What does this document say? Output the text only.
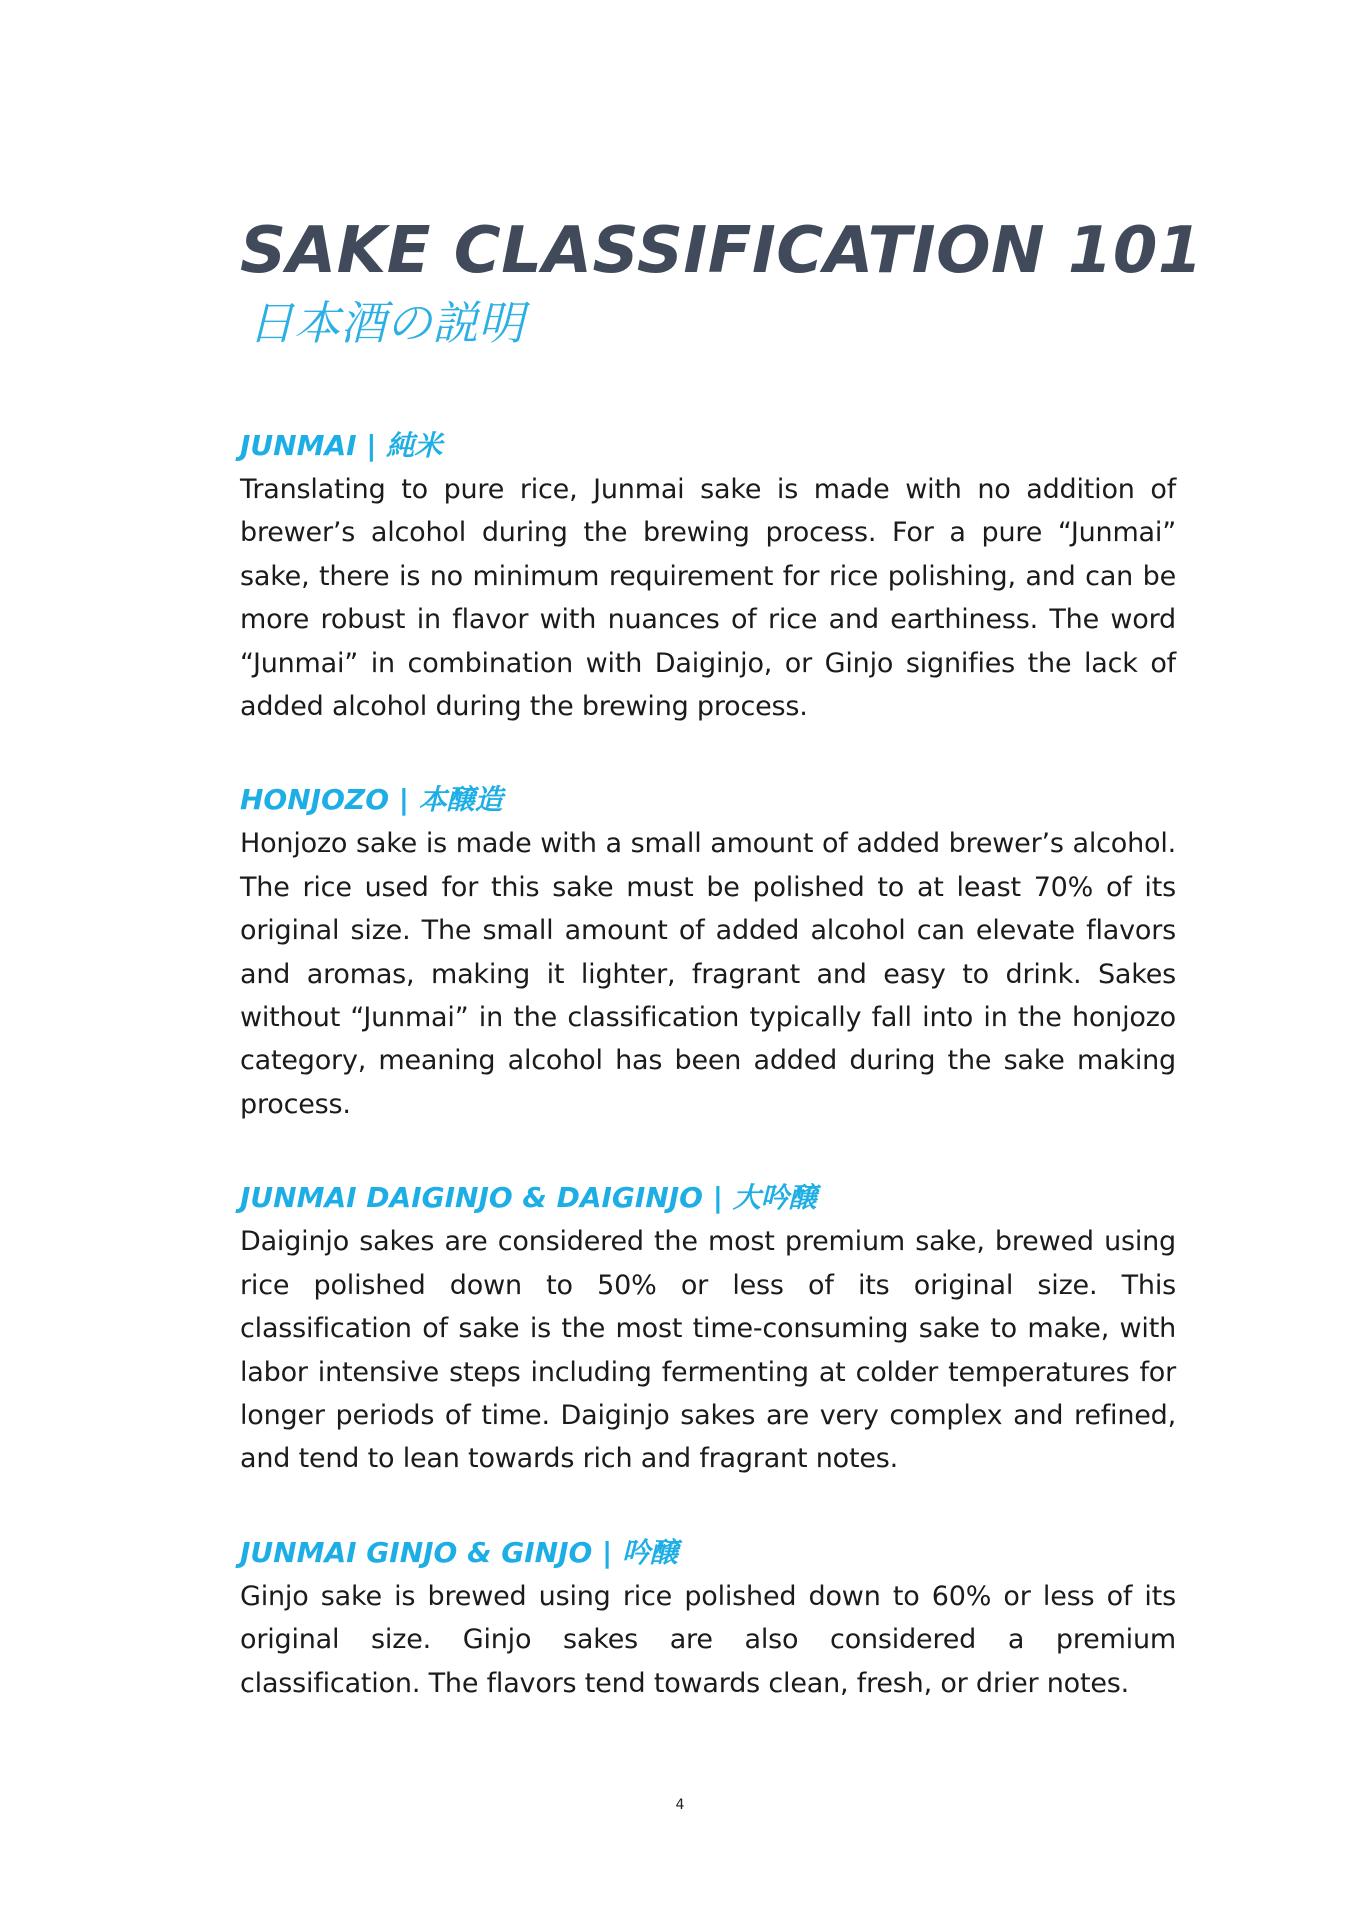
SAKE CLASSIFICATION 101
日本酒の説明
JUNMAI | 純米

Translating to pure rice, Junmai sake is made with no addition of brewer’s alcohol during the brewing process. For a pure “Junmai” sake, there is no minimum requirement for rice polishing, and can be more robust in flavor with nuances of rice and earthiness. The word “Junmai” in combination with Daiginjo, or Ginjo signifies the lack of added alcohol during the brewing process.

HONJOZO | 本醸造

Honjozo sake is made with a small amount of added brewer’s alcohol. The rice used for this sake must be polished to at least 70% of its original size. The small amount of added alcohol can elevate flavors and aromas, making it lighter, fragrant and easy to drink. Sakes without “Junmai” in the classification typically fall into in the honjozo category, meaning alcohol has been added during the sake making process.

JUNMAI DAIGINJO & DAIGINJO | 大吟醸

Daiginjo sakes are considered the most premium sake, brewed using rice polished down to 50% or less of its original size. This classification of sake is the most time-consuming sake to make, with labor intensive steps including fermenting at colder temperatures for longer periods of time. Daiginjo sakes are very complex and refined, and tend to lean towards rich and fragrant notes.

JUNMAI GINJO & GINJO | 吟醸

Ginjo sake is brewed using rice polished down to 60% or less of its original size. Ginjo sakes are also considered a premium classification. The flavors tend towards clean, fresh, or drier notes.

4
